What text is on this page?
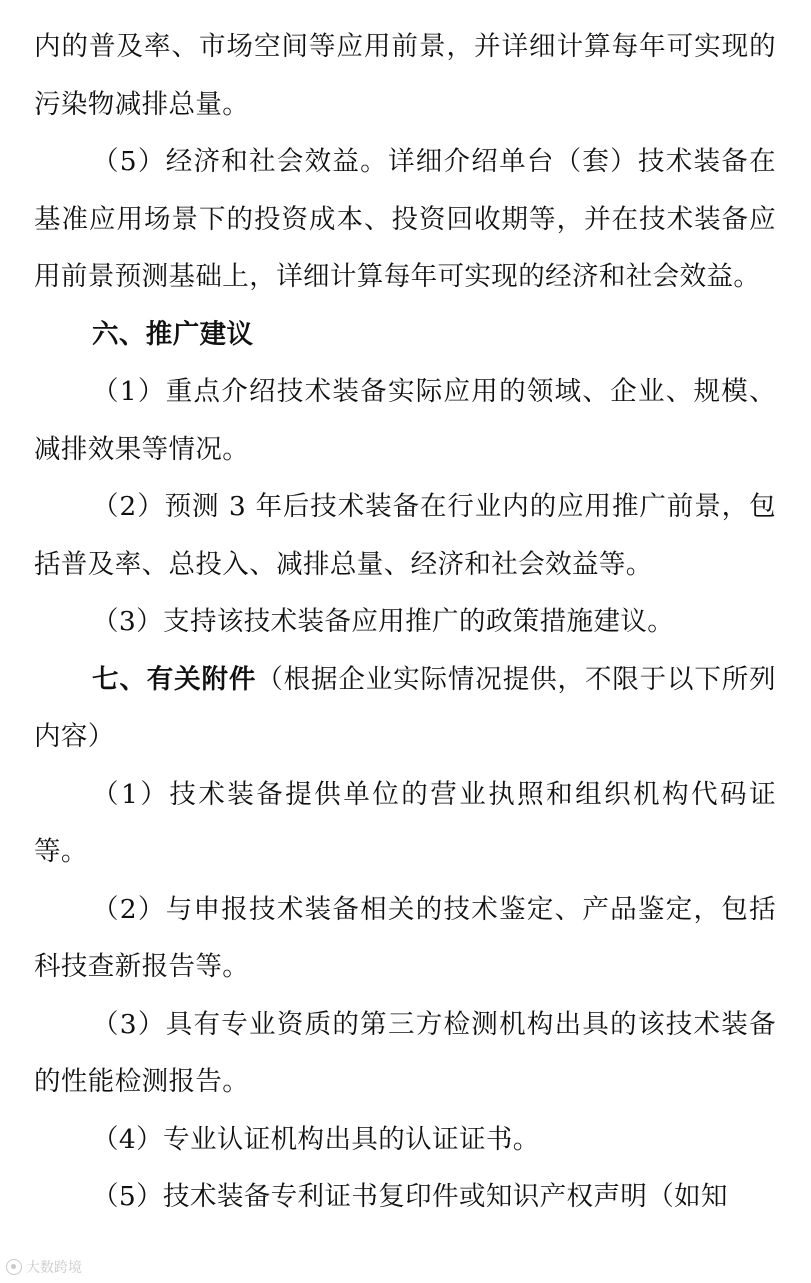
内的普及率、市场空间等应用前景，并详细计算每年可实现的污染物减排总量。

（5）经济和社会效益。详细介绍单台（套）技术装备在基准应用场景下的投资成本、投资回收期等，并在技术装备应用前景预测基础上，详细计算每年可实现的经济和社会效益。

六、推广建议

（1）重点介绍技术装备实际应用的领域、企业、规模、减排效果等情况。

（2）预测 3 年后技术装备在行业内的应用推广前景，包括普及率、总投入、减排总量、经济和社会效益等。

（3）支持该技术装备应用推广的政策措施建议。

七、有关附件（根据企业实际情况提供，不限于以下所列内容）

（1）技术装备提供单位的营业执照和组织机构代码证等。

（2）与申报技术装备相关的技术鉴定、产品鉴定，包括科技查新报告等。

（3）具有专业资质的第三方检测机构出具的该技术装备的性能检测报告。

（4）专业认证机构出具的认证证书。

（5）技术装备专利证书复印件或知识产权声明（如知

大数跨境
